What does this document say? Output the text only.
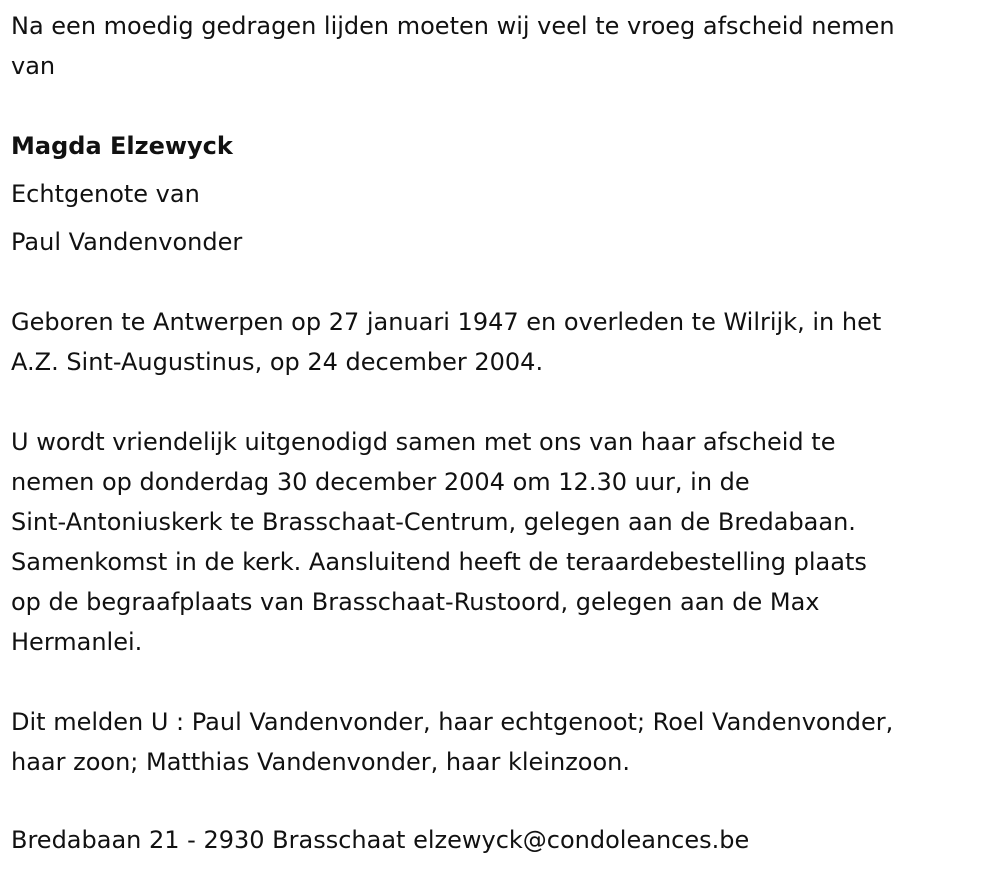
Na een moedig gedragen lijden moeten wij veel te vroeg afscheid nemen
van
Magda Elzewyck
Echtgenote van
Paul Vandenvonder
Geboren te Antwerpen op 27 januari 1947 en overleden te Wilrijk, in het
A.Z. Sint-Augustinus, op 24 december 2004.
U wordt vriendelijk uitgenodigd samen met ons van haar afscheid te
nemen op donderdag 30 december 2004 om 12.30 uur, in de
Sint-Antoniuskerk te Brasschaat-Centrum, gelegen aan de Bredabaan.
Samenkomst in de kerk. Aansluitend heeft de teraardebestelling plaats
op de begraafplaats van Brasschaat-Rustoord, gelegen aan de Max
Hermanlei.
Dit melden U : Paul Vandenvonder, haar echtgenoot; Roel Vandenvonder,
haar zoon; Matthias Vandenvonder, haar kleinzoon.
Bredabaan 21 - 2930 Brasschaat elzewyck@condoleances.be
